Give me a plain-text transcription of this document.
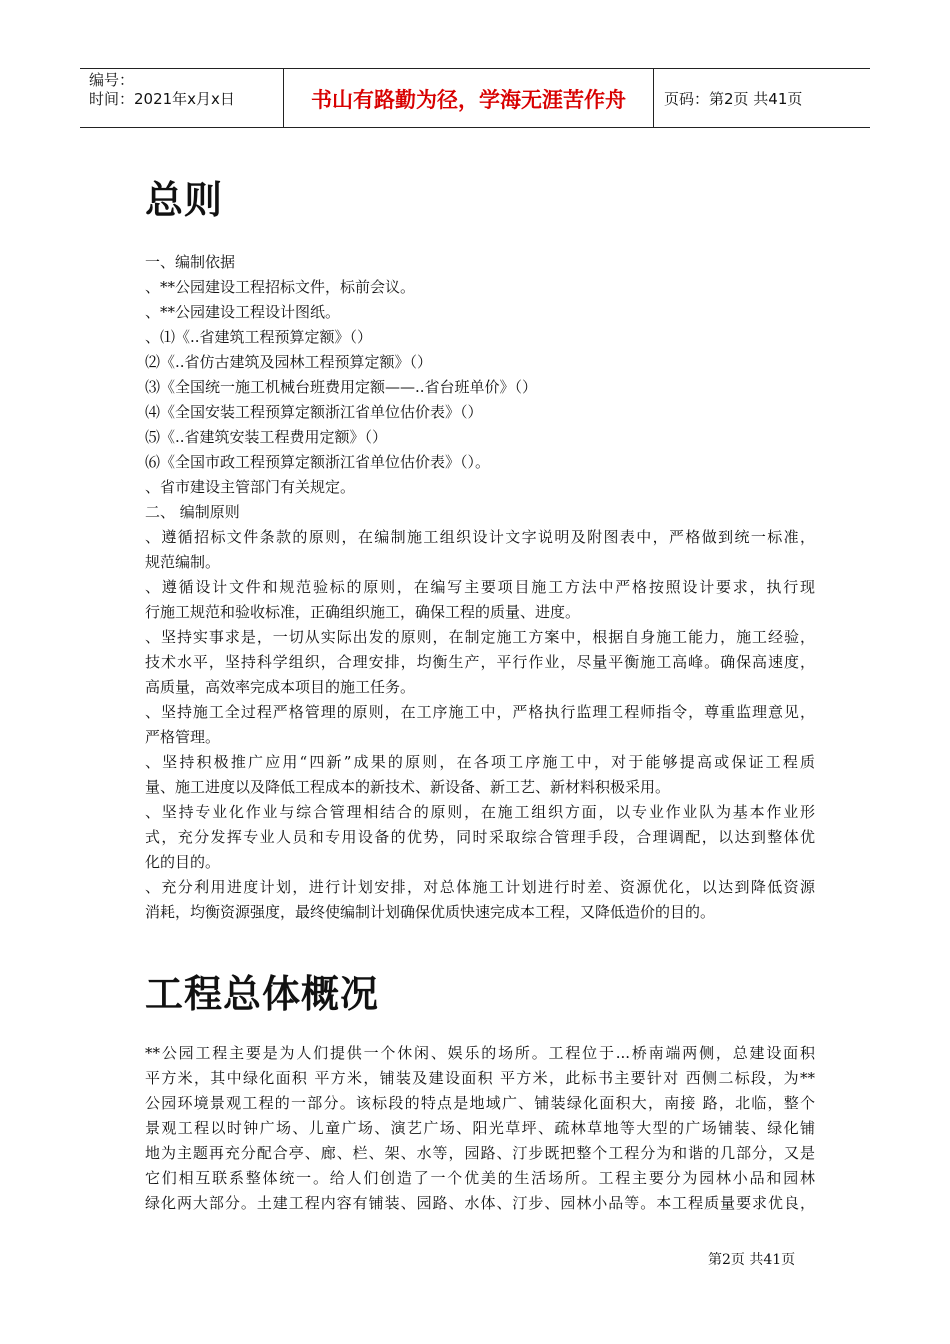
编号：
时间：2021年x月x日	书山有路勤为径，学海无涯苦作舟	页码：第2页 共41页
总则
一、编制依据
、**公园建设工程招标文件，标前会议。
、**公园建设工程设计图纸。
、⑴《..省建筑工程预算定额》（）
⑵《..省仿古建筑及园林工程预算定额》（）
⑶《全国统一施工机械台班费用定额——..省台班单价》（）
⑷《全国安装工程预算定额浙江省单位估价表》（）
⑸《..省建筑安装工程费用定额》（）
⑹《全国市政工程预算定额浙江省单位估价表》（）。
、省市建设主管部门有关规定。
二、 编制原则
、遵循招标文件条款的原则，在编制施工组织设计文字说明及附图表中，严格做到统一标准，
规范编制。
、遵循设计文件和规范验标的原则，在编写主要项目施工方法中严格按照设计要求，执行现
行施工规范和验收标准，正确组织施工，确保工程的质量、进度。
、坚持实事求是，一切从实际出发的原则，在制定施工方案中，根据自身施工能力，施工经验，
技术水平，坚持科学组织，合理安排，均衡生产，平行作业，尽量平衡施工高峰。确保高速度，
高质量，高效率完成本项目的施工任务。
、坚持施工全过程严格管理的原则，在工序施工中，严格执行监理工程师指令，尊重监理意见，
严格管理。
、坚持积极推广应用“四新”成果的原则，在各项工序施工中，对于能够提高或保证工程质
量、施工进度以及降低工程成本的新技术、新设备、新工艺、新材料积极采用。
、坚持专业化作业与综合管理相结合的原则，在施工组织方面，以专业作业队为基本作业形
式，充分发挥专业人员和专用设备的优势，同时采取综合管理手段，合理调配，以达到整体优
化的目的。
、充分利用进度计划，进行计划安排，对总体施工计划进行时差、资源优化，以达到降低资源
消耗，均衡资源强度，最终使编制计划确保优质快速完成本工程，又降低造价的目的。
工程总体概况
**公园工程主要是为人们提供一个休闲、娱乐的场所。工程位于...桥南端两侧，总建设面积
平方米，其中绿化面积 平方米，铺装及建设面积 平方米，此标书主要针对 西侧二标段，为**
公园环境景观工程的一部分。该标段的特点是地域广、铺装绿化面积大，南接 路，北临，整个
景观工程以时钟广场、儿童广场、演艺广场、阳光草坪、疏林草地等大型的广场铺装、绿化铺
地为主题再充分配合亭、廊、栏、架、水等，园路、汀步既把整个工程分为和谐的几部分，又是
它们相互联系整体统一。给人们创造了一个优美的生活场所。工程主要分为园林小品和园林
绿化两大部分。土建工程内容有铺装、园路、水体、汀步、园林小品等。本工程质量要求优良，
第2页 共41页
